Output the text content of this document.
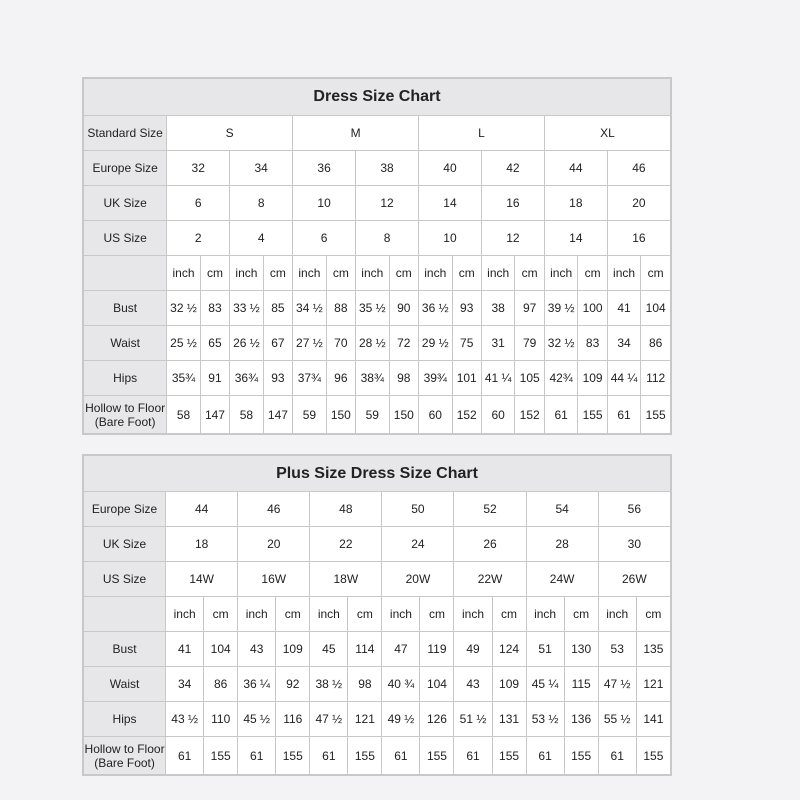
Dress Size Chart																
Standard Size	S				M				L				XL			
Europe Size	32		34		36		38		40		42		44		46	
UK Size	6		8		10		12		14		16		18		20	
US Size	2		4		6		8		10		12		14		16	
	inch	cm	inch	cm	inch	cm	inch	cm	inch	cm	inch	cm	inch	cm	inch	cm
Bust	32 ½	83	33 ½	85	34 ½	88	35 ½	90	36 ½	93	38	97	39 ½	100	41	104
Waist	25 ½	65	26 ½	67	27 ½	70	28 ½	72	29 ½	75	31	79	32 ½	83	34	86
Hips	35¾	91	36¾	93	37¾	96	38¾	98	39¾	101	41 ¼	105	42¾	109	44 ¼	112
Hollow to Floor
(Bare Foot)	58	147	58	147	59	150	59	150	60	152	60	152	61	155	61	155
Plus Size Dress Size Chart														
Europe Size	44		46		48		50		52		54		56	
UK Size	18		20		22		24		26		28		30	
US Size	14W		16W		18W		20W		22W		24W		26W	
	inch	cm	inch	cm	inch	cm	inch	cm	inch	cm	inch	cm	inch	cm
Bust	41	104	43	109	45	114	47	119	49	124	51	130	53	135
Waist	34	86	36 ¼	92	38 ½	98	40 ¾	104	43	109	45 ¼	115	47 ½	121
Hips	43 ½	110	45 ½	116	47 ½	121	49 ½	126	51 ½	131	53 ½	136	55 ½	141
Hollow to Floor
(Bare Foot)	61	155	61	155	61	155	61	155	61	155	61	155	61	155
